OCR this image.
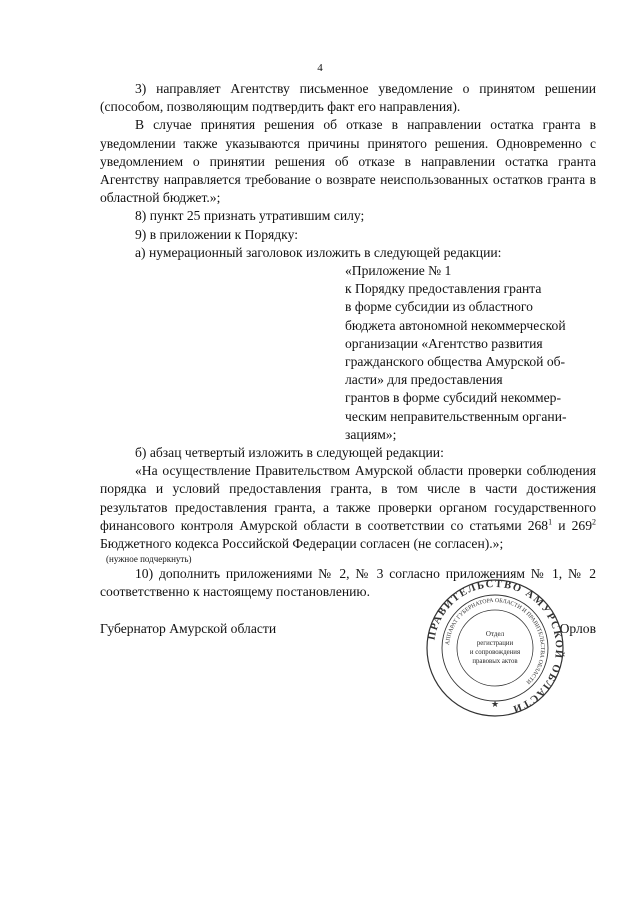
4

3) направляет Агентству письменное уведомление о принятом решении (способом, позволяющим подтвердить факт его направления).

В случае принятия решения об отказе в направлении остатка гранта в уведомлении также указываются причины принятого решения. Одновременно с уведомлением о принятии решения об отказе в направлении остатка гранта Агентству направляется требование о возврате неиспользованных остатков гранта в областной бюджет.»;

8) пункт 25 признать утратившим силу;

9) в приложении к Порядку:

а) нумерационный заголовок изложить в следующей редакции:

«Приложение № 1

к Порядку предоставления гранта

в форме субсидии из областного

бюджета автономной некоммерческой

организации «Агентство развития

гражданского общества Амурской об-

ласти» для предоставления

грантов в форме субсидий некоммер-

ческим неправительственным органи-

зациям»;

б) абзац четвертый изложить в следующей редакции:

«На осуществление Правительством Амурской области проверки соблюдения порядка и условий предоставления гранта, в том числе в части достижения результатов предоставления гранта, а также проверки органом государственного финансового контроля Амурской области в соответствии со статьями $268^1$ и $269^2$ Бюджетного кодекса Российской Федерации согласен (не согласен).»;

(нужное подчеркнуть)

10) дополнить приложениями № 2, № 3 согласно приложениям № 1, № 2 соответственно к настоящему постановлению.

Губернатор Амурской области	Орлов
ПРАВИТЕЛЬСТВО АМУРСКОЙ ОБЛАСТИ
АППАРАТ ГУБЕРНАТОРА ОБЛАСТИ И ПРАВИТЕЛЬСТВА ОБЛАСТИ
Отдел
регистрации
и сопровождения
правовых актов
★
